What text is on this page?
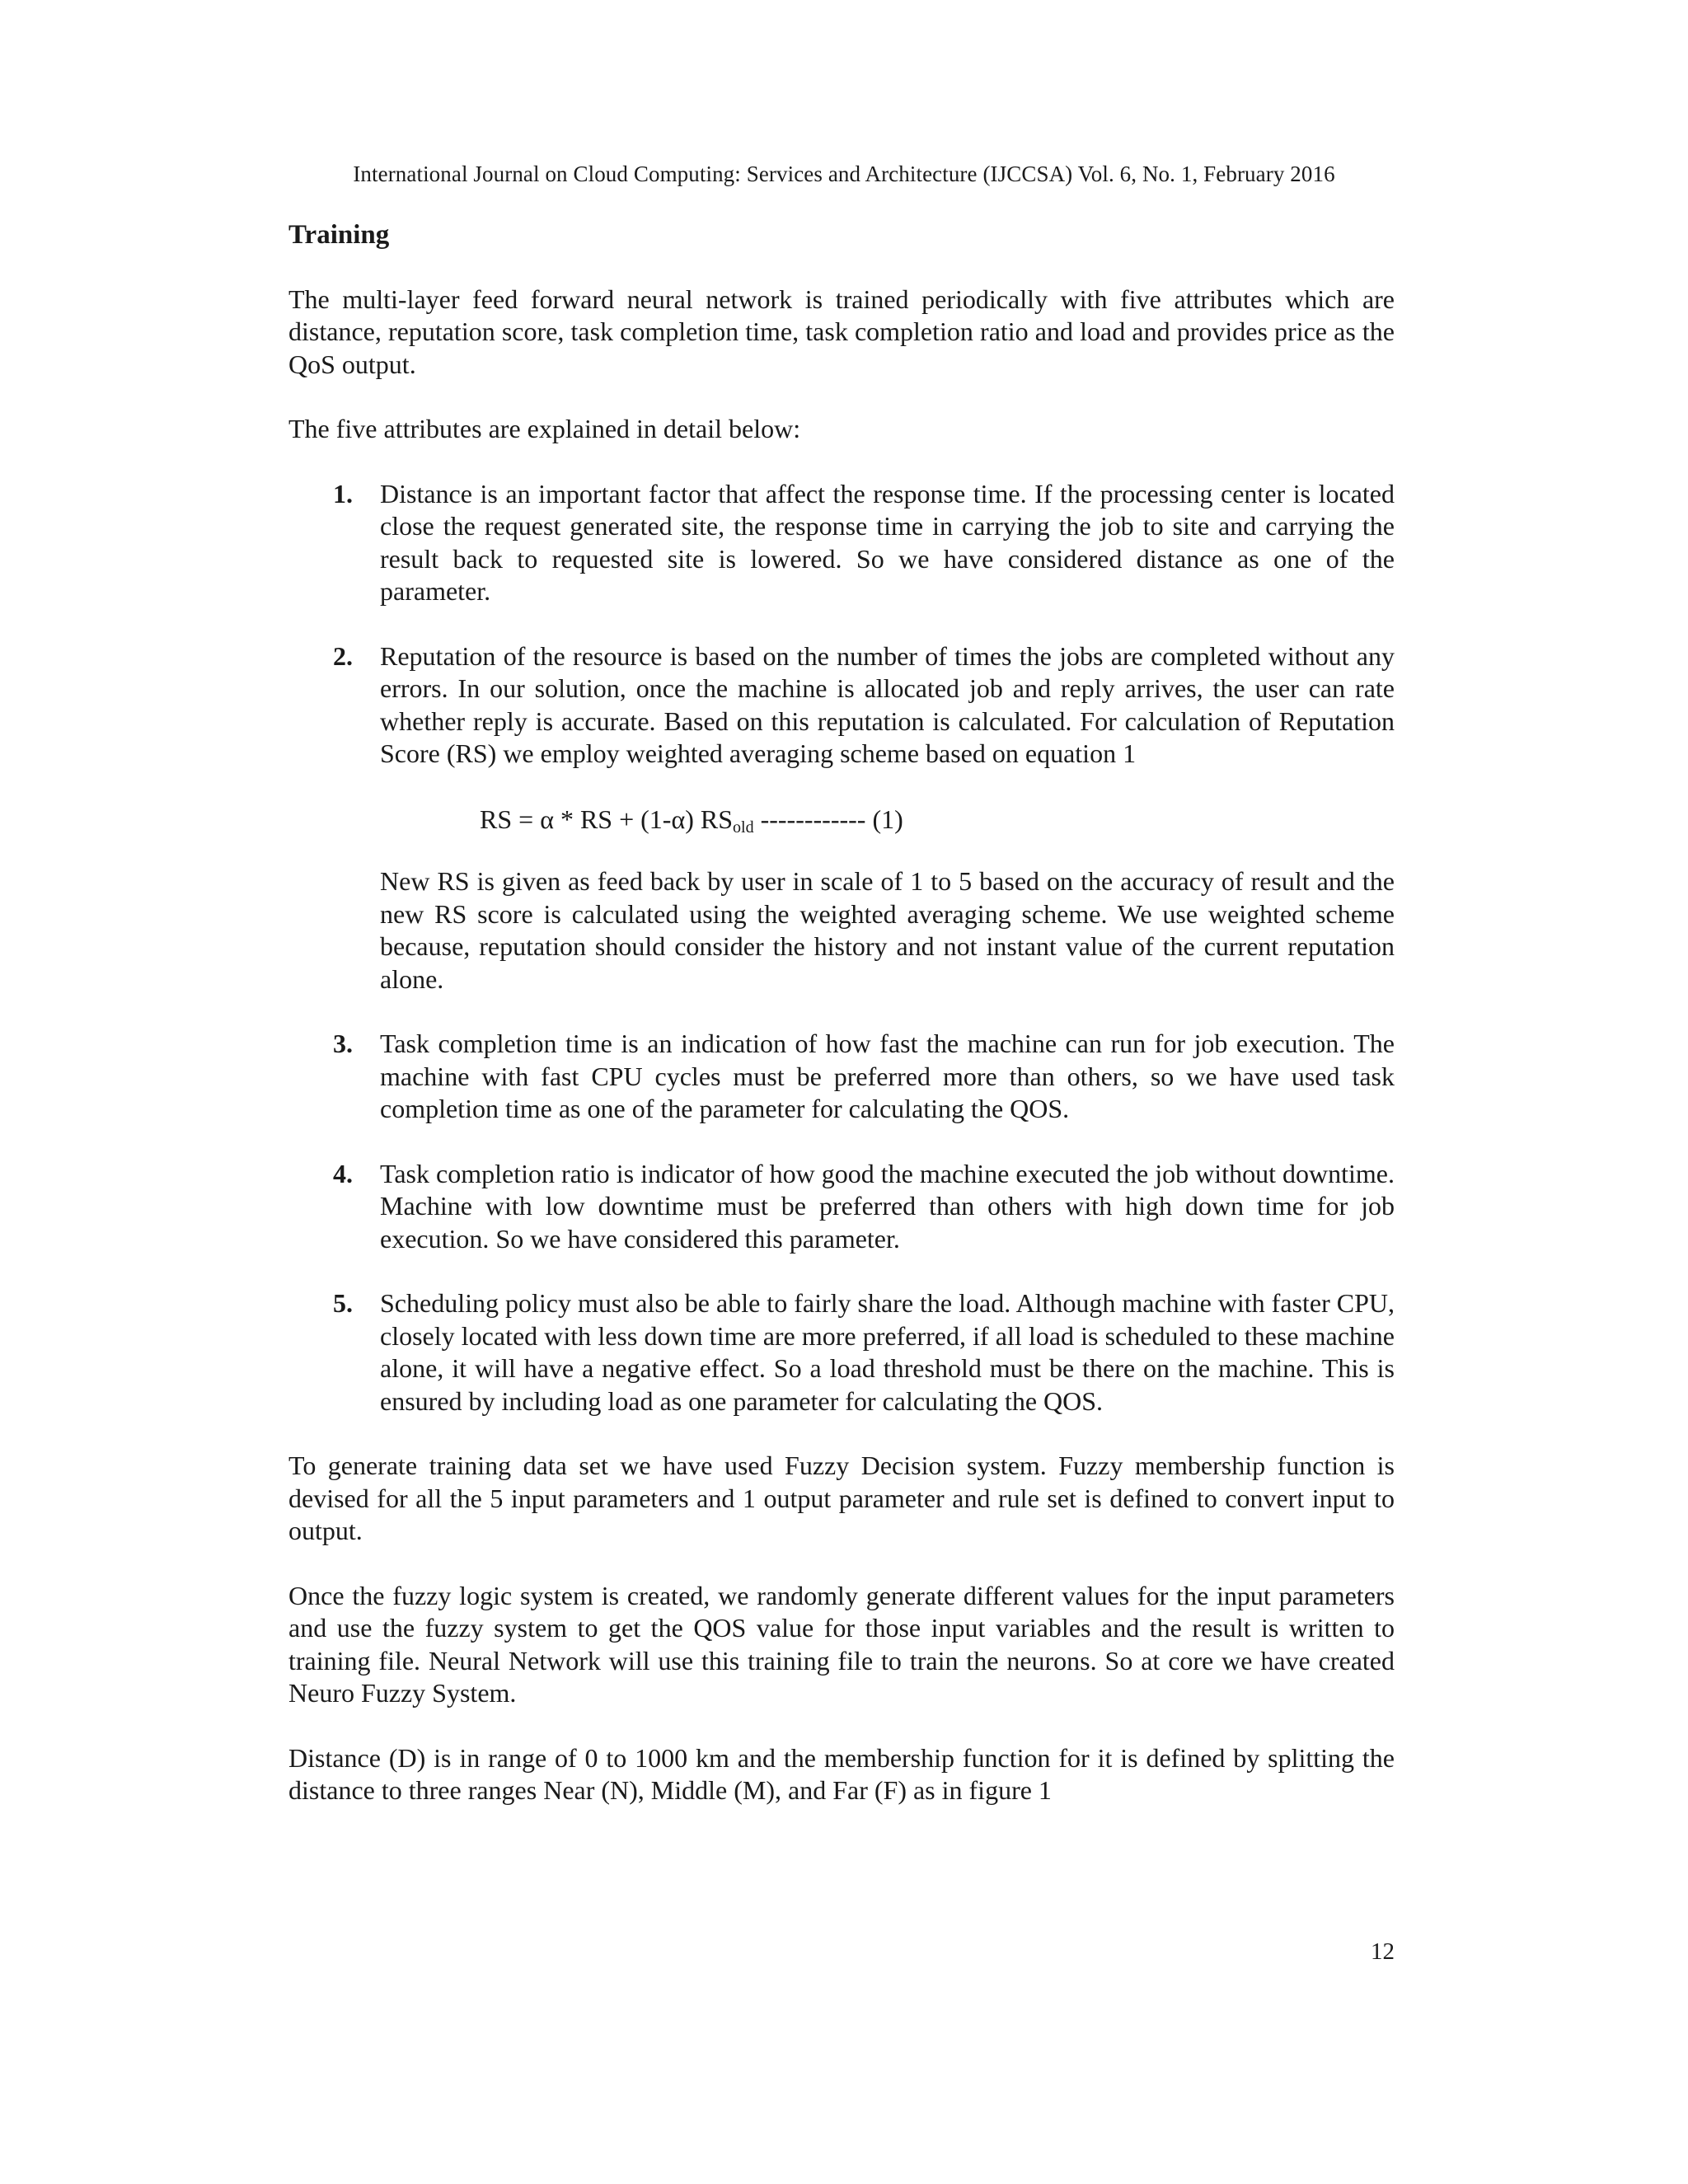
International Journal on Cloud Computing: Services and Architecture (IJCCSA) Vol. 6, No. 1, February 2016
Training

The multi-layer feed forward neural network is trained periodically with five attributes which are distance, reputation score, task completion time, task completion ratio and load and provides price as the QoS output.

The five attributes are explained in detail below:

1. Distance is an important factor that affect the response time. If the processing center is located close the request generated site, the response time in carrying the job to site and carrying the result back to requested site is lowered. So we have considered distance as one of the parameter.
2. Reputation of the resource is based on the number of times the jobs are completed without any errors. In our solution, once the machine is allocated job and reply arrives, the user can rate whether reply is accurate. Based on this reputation is calculated. For calculation of Reputation Score (RS) we employ weighted averaging scheme based on equation 1
RS = α * RS + (1-α) $RS_{old}$ ------------ (1)
New RS is given as feed back by user in scale of 1 to 5 based on the accuracy of result and the new RS score is calculated using the weighted averaging scheme. We use weighted scheme because, reputation should consider the history and not instant value of the current reputation alone.
3. Task completion time is an indication of how fast the machine can run for job execution. The machine with fast CPU cycles must be preferred more than others, so we have used task completion time as one of the parameter for calculating the QOS.
4. Task completion ratio is indicator of how good the machine executed the job without downtime. Machine with low downtime must be preferred than others with high down time for job execution. So we have considered this parameter.
5. Scheduling policy must also be able to fairly share the load. Although machine with faster CPU, closely located with less down time are more preferred, if all load is scheduled to these machine alone, it will have a negative effect. So a load threshold must be there on the machine. This is ensured by including load as one parameter for calculating the QOS.

To generate training data set we have used Fuzzy Decision system. Fuzzy membership function is devised for all the 5 input parameters and 1 output parameter and rule set is defined to convert input to output.

Once the fuzzy logic system is created, we randomly generate different values for the input parameters and use the fuzzy system to get the QOS value for those input variables and the result is written to training file. Neural Network will use this training file to train the neurons. So at core we have created Neuro Fuzzy System.

Distance (D) is in range of 0 to 1000 km and the membership function for it is defined by splitting the distance to three ranges Near (N), Middle (M), and Far (F) as in figure 1

12
